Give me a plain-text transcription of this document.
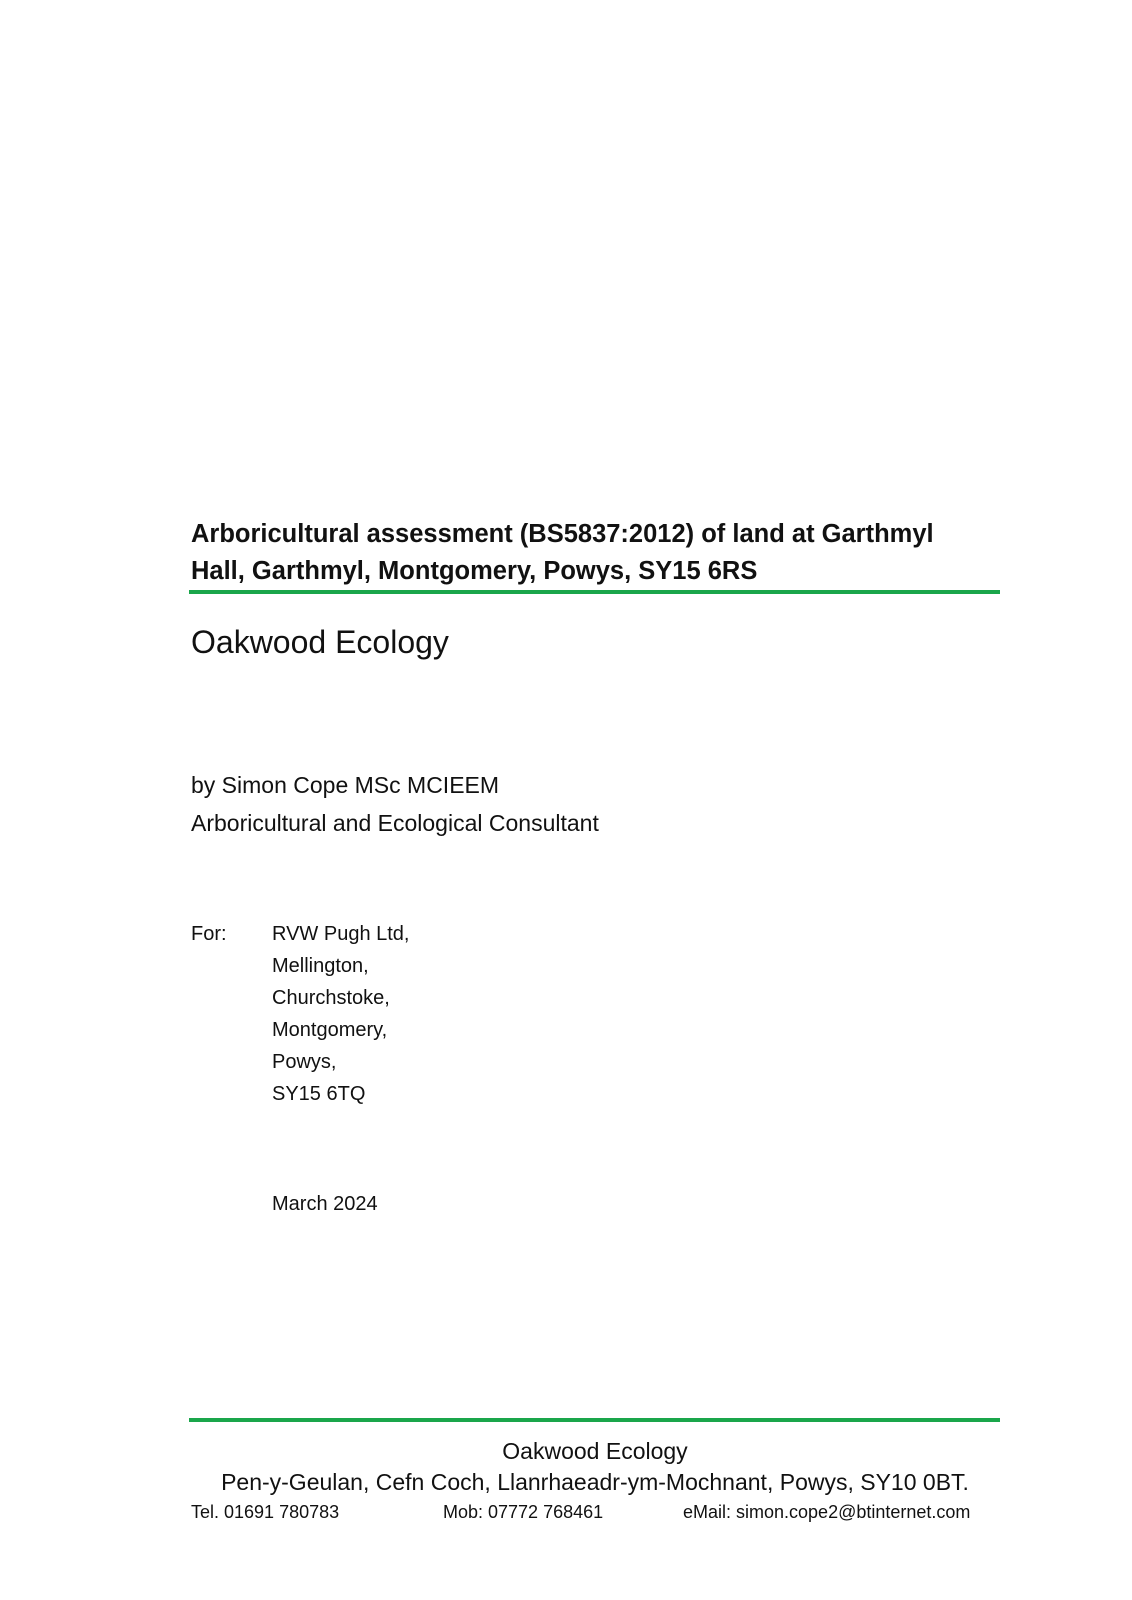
Arboricultural assessment (BS5837:2012) of land at Garthmyl
Hall, Garthmyl, Montgomery, Powys, SY15 6RS
Oakwood Ecology
by Simon Cope MSc MCIEEM
Arboricultural and Ecological Consultant
For: RVW Pugh Ltd,
Mellington,
Churchstoke,
Montgomery,
Powys,
SY15 6TQ
March 2024
Oakwood Ecology
Pen-y-Geulan, Cefn Coch, Llanrhaeadr-ym-Mochnant, Powys, SY10 0BT.
Tel. 01691 780783	Mob: 07772 768461	eMail: simon.cope2@btinternet.com
